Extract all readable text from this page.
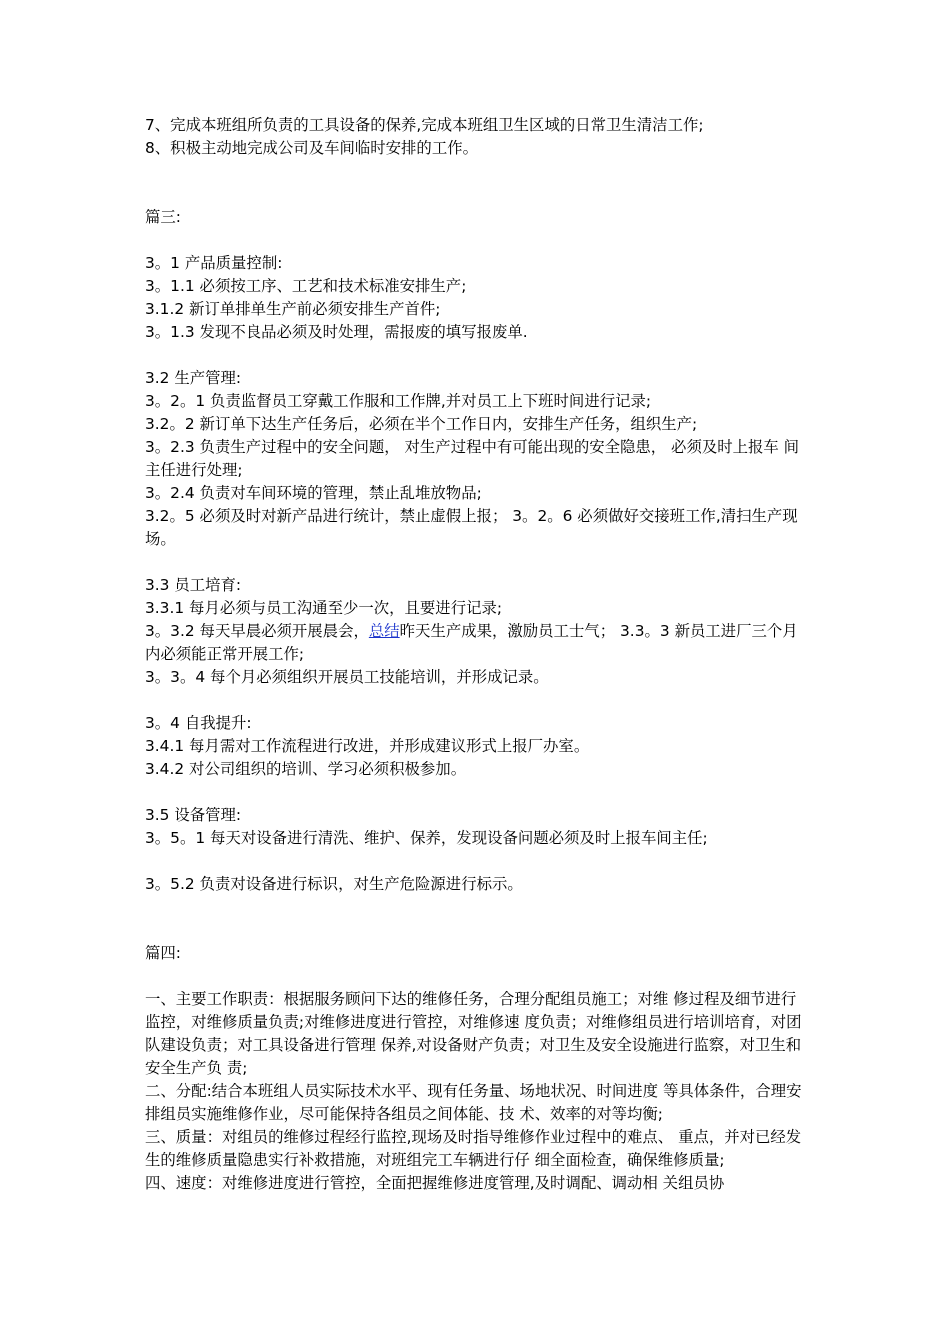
7、完成本班组所负责的工具设备的保养,完成本班组卫生区域的日常卫生清洁工作;

8、积极主动地完成公司及车间临时安排的工作。

篇三:

3。1 产品质量控制:

3。1.1 必须按工序、工艺和技术标准安排生产;

3.1.2 新订单排单生产前必须安排生产首件;

3。1.3 发现不良品必须及时处理，需报废的填写报废单.

3.2 生产管理:

3。2。1 负责监督员工穿戴工作服和工作牌,并对员工上下班时间进行记录;

3.2。2 新订单下达生产任务后，必须在半个工作日内，安排生产任务，组织生产;

3。2.3 负责生产过程中的安全问题， 对生产过程中有可能出现的安全隐患， 必须及时上报车 间主任进行处理;

3。2.4 负责对车间环境的管理，禁止乱堆放物品;

3.2。5 必须及时对新产品进行统计，禁止虚假上报； 3。2。6 必须做好交接班工作,清扫生产现场。

3.3 员工培育:

3.3.1 每月必须与员工沟通至少一次，且要进行记录;

3。3.2 每天早晨必须开展晨会，总结昨天生产成果，激励员工士气； 3.3。3 新员工进厂三个月内必须能正常开展工作;

3。3。4 每个月必须组织开展员工技能培训，并形成记录。

3。4 自我提升:

3.4.1 每月需对工作流程进行改进，并形成建议形式上报厂办室。

3.4.2 对公司组织的培训、学习必须积极参加。

3.5 设备管理:

3。5。1 每天对设备进行清洗、维护、保养，发现设备问题必须及时上报车间主任;

3。5.2 负责对设备进行标识，对生产危险源进行标示。

篇四:

一、主要工作职责：根据服务顾问下达的维修任务，合理分配组员施工；对维 修过程及细节进行监控，对维修质量负责;对维修进度进行管控，对维修速 度负责；对维修组员进行培训培育，对团队建设负责；对工具设备进行管理 保养,对设备财产负责；对卫生及安全设施进行监察，对卫生和安全生产负 责;

二、分配:结合本班组人员实际技术水平、现有任务量、场地状况、时间进度 等具体条件，合理安排组员实施维修作业，尽可能保持各组员之间体能、技 术、效率的对等均衡;

三、质量：对组员的维修过程经行监控,现场及时指导维修作业过程中的难点、 重点，并对已经发生的维修质量隐患实行补救措施，对班组完工车辆进行仔 细全面检查，确保维修质量;

四、速度：对维修进度进行管控，全面把握维修进度管理,及时调配、调动相 关组员协
